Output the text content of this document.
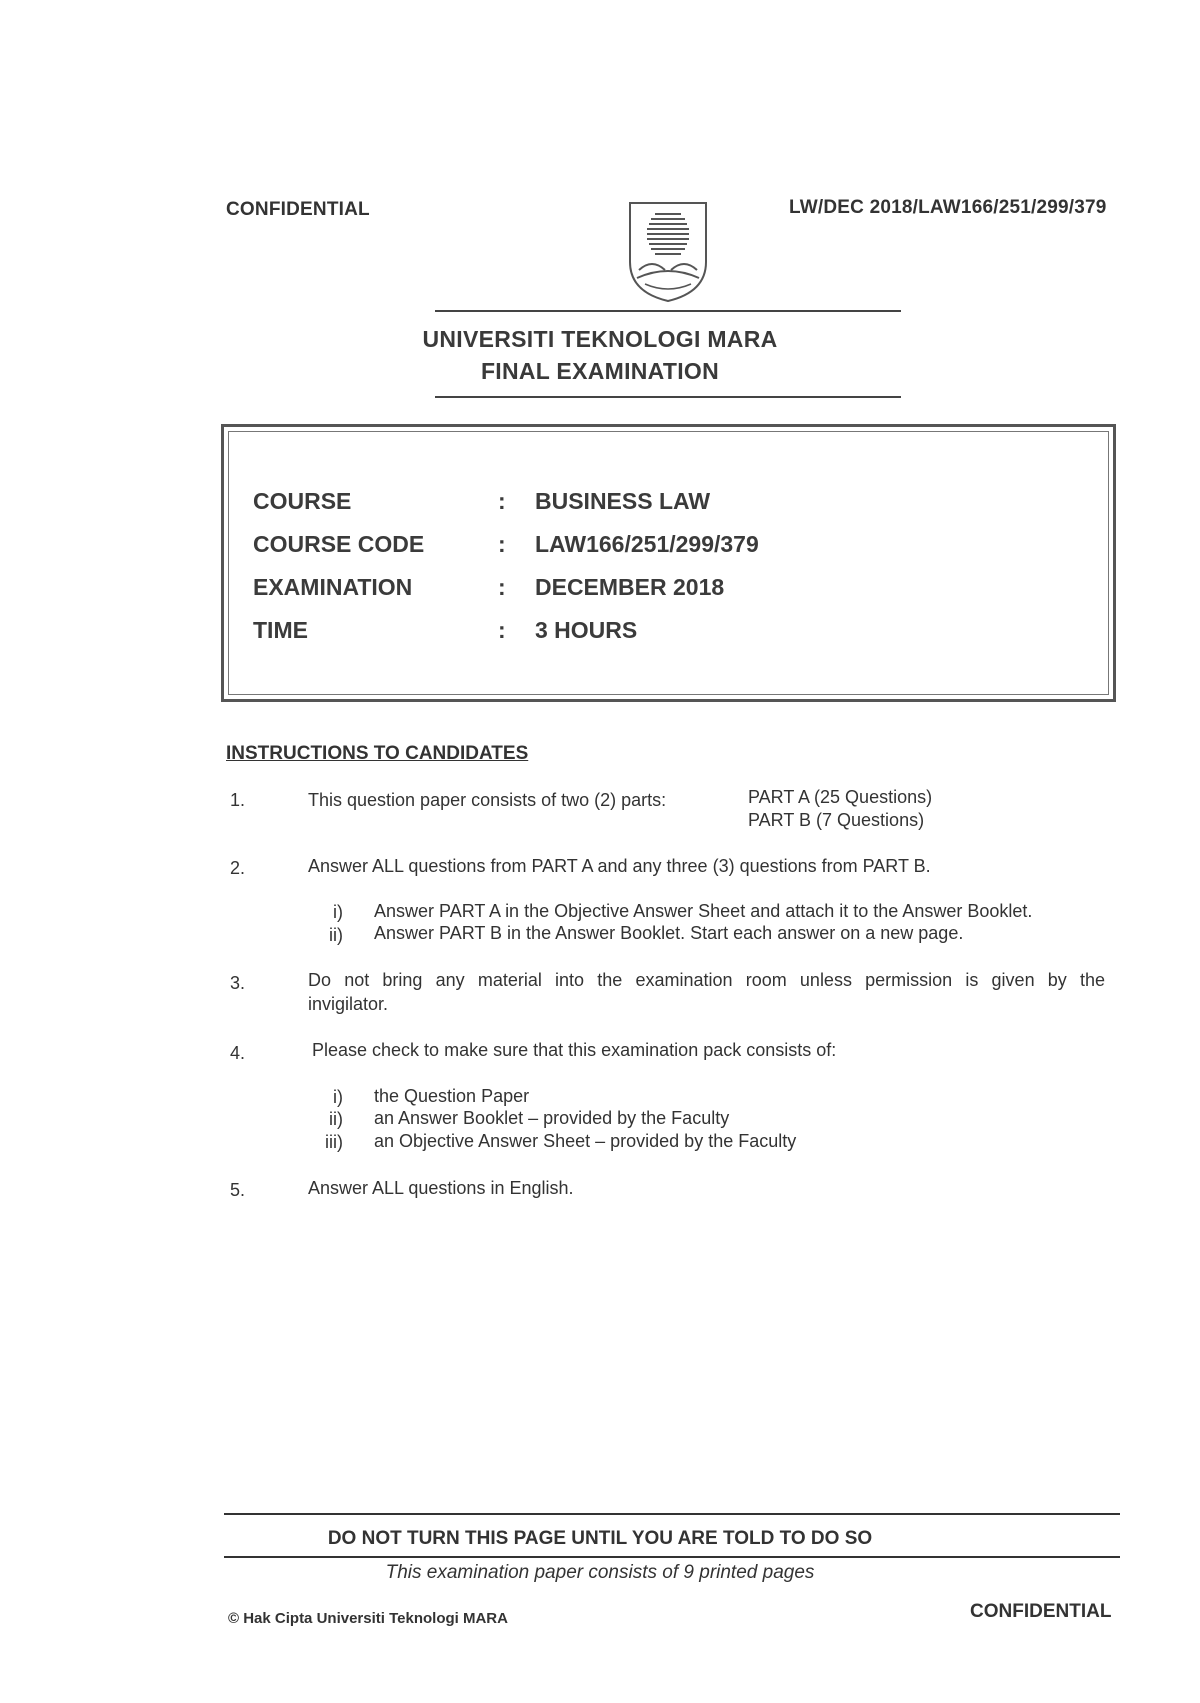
CONFIDENTIAL	LW/DEC 2018/LAW166/251/299/379
UNIVERSITI TEKNOLOGI MARA
FINAL EXAMINATION
COURSE	: BUSINESS LAW
COURSE CODE	: LAW166/251/299/379
EXAMINATION	: DECEMBER 2018
TIME	: 3 HOURS
INSTRUCTIONS TO CANDIDATES
1.	This question paper consists of two (2) parts:	PART A (25 Questions)
PART B (7 Questions)
2.	Answer ALL questions from PART A and any three (3) questions from PART B.
i) Answer PART A in the Objective Answer Sheet and attach it to the Answer Booklet.
ii) Answer PART B in the Answer Booklet. Start each answer on a new page.
3.	Do not bring any material into the examination room unless permission is given by the
invigilator.
4.	Please check to make sure that this examination pack consists of:
i) the Question Paper
ii) an Answer Booklet – provided by the Faculty
iii) an Objective Answer Sheet – provided by the Faculty
5.	Answer ALL questions in English.
DO NOT TURN THIS PAGE UNTIL YOU ARE TOLD TO DO SO
This examination paper consists of 9 printed pages
© Hak Cipta Universiti Teknologi MARA	CONFIDENTIAL
